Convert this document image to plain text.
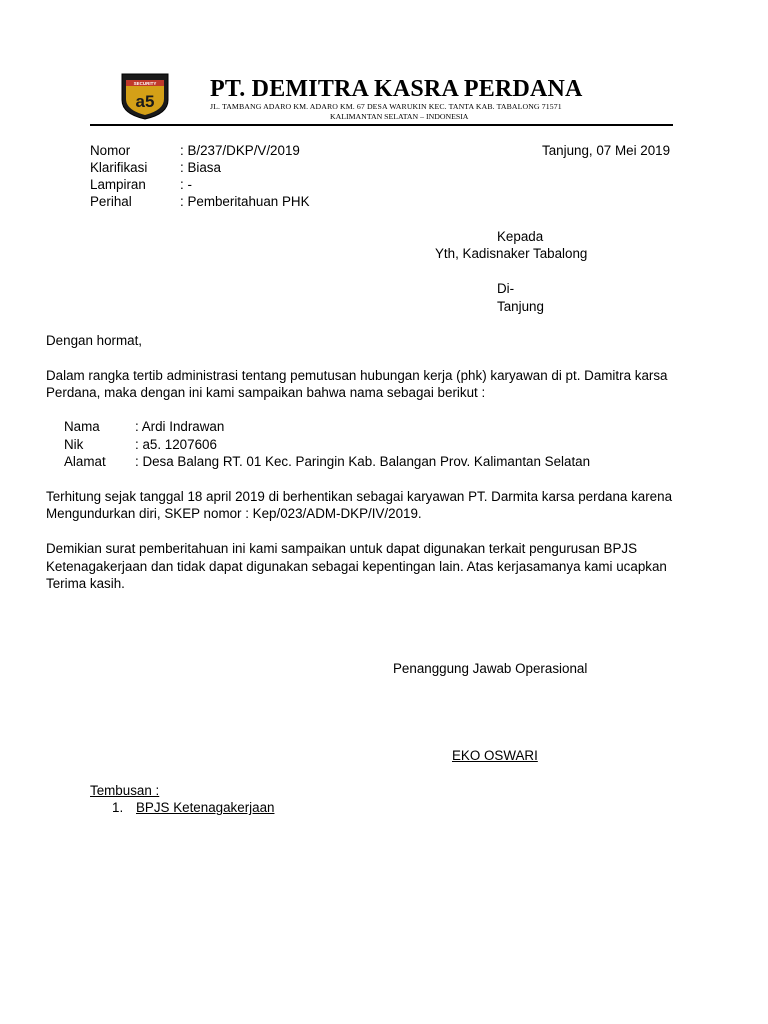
SECURITY
a5 PT. DEMITRA KASRA PERDANA
JL. TAMBANG ADARO KM. ADARO KM. 67 DESA WARUKIN KEC. TANTA KAB. TABALONG 71571
KALIMANTAN SELATAN – INDONESIA
Nomor	: B/237/DKP/V/2019	Tanjung, 07 Mei 2019
Klarifikasi : Biasa
Lampiran	: -
Perihal	: Pemberitahuan PHK
Kepada
Yth, Kadisnaker Tabalong
Di-
Tanjung
Dengan hormat,
Dalam rangka tertib administrasi tentang pemutusan hubungan kerja (phk) karyawan di pt. Damitra karsa
Perdana, maka dengan ini kami sampaikan bahwa nama sebagai berikut :
Nama	: Ardi Indrawan
Nik	: a5. 1207606
Alamat : Desa Balang RT. 01 Kec. Paringin Kab. Balangan Prov. Kalimantan Selatan
Terhitung sejak tanggal 18 april 2019 di berhentikan sebagai karyawan PT. Darmita karsa perdana karena
Mengundurkan diri, SKEP nomor : Kep/023/ADM-DKP/IV/2019.
Demikian surat pemberitahuan ini kami sampaikan untuk dapat digunakan terkait pengurusan BPJS
Ketenagakerjaan dan tidak dapat digunakan sebagai kepentingan lain. Atas kerjasamanya kami ucapkan
Terima kasih.
Penanggung Jawab Operasional
EKO OSWARI
Tembusan :
1. BPJS Ketenagakerjaan
